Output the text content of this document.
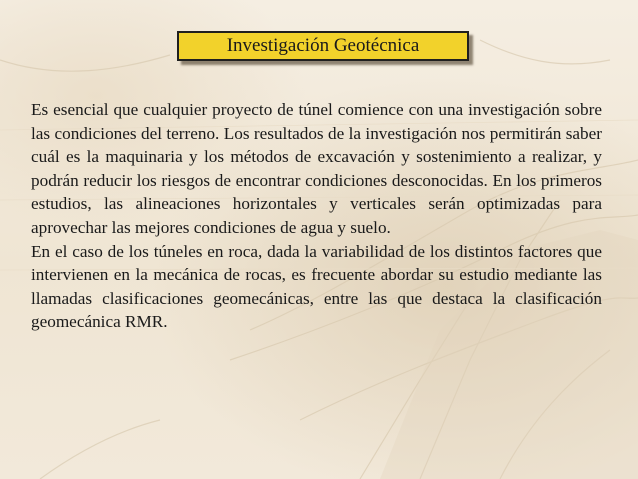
Investigación Geotécnica

Es esencial que cualquier proyecto de túnel comience con una investigación sobre las condiciones del terreno. Los resultados de la investigación nos permitirán saber cuál es la maquinaria y los métodos de excavación y sostenimiento a realizar, y podrán reducir los riesgos de encontrar condiciones desconocidas. En los primeros estudios, las alineaciones horizontales y verticales serán optimizadas para aprovechar las mejores condiciones de agua y suelo.

En el caso de los túneles en roca, dada la variabilidad de los distintos factores que intervienen en la mecánica de rocas, es frecuente abordar su estudio mediante las llamadas clasificaciones geomecánicas, entre las que destaca la clasificación geomecánica RMR.
